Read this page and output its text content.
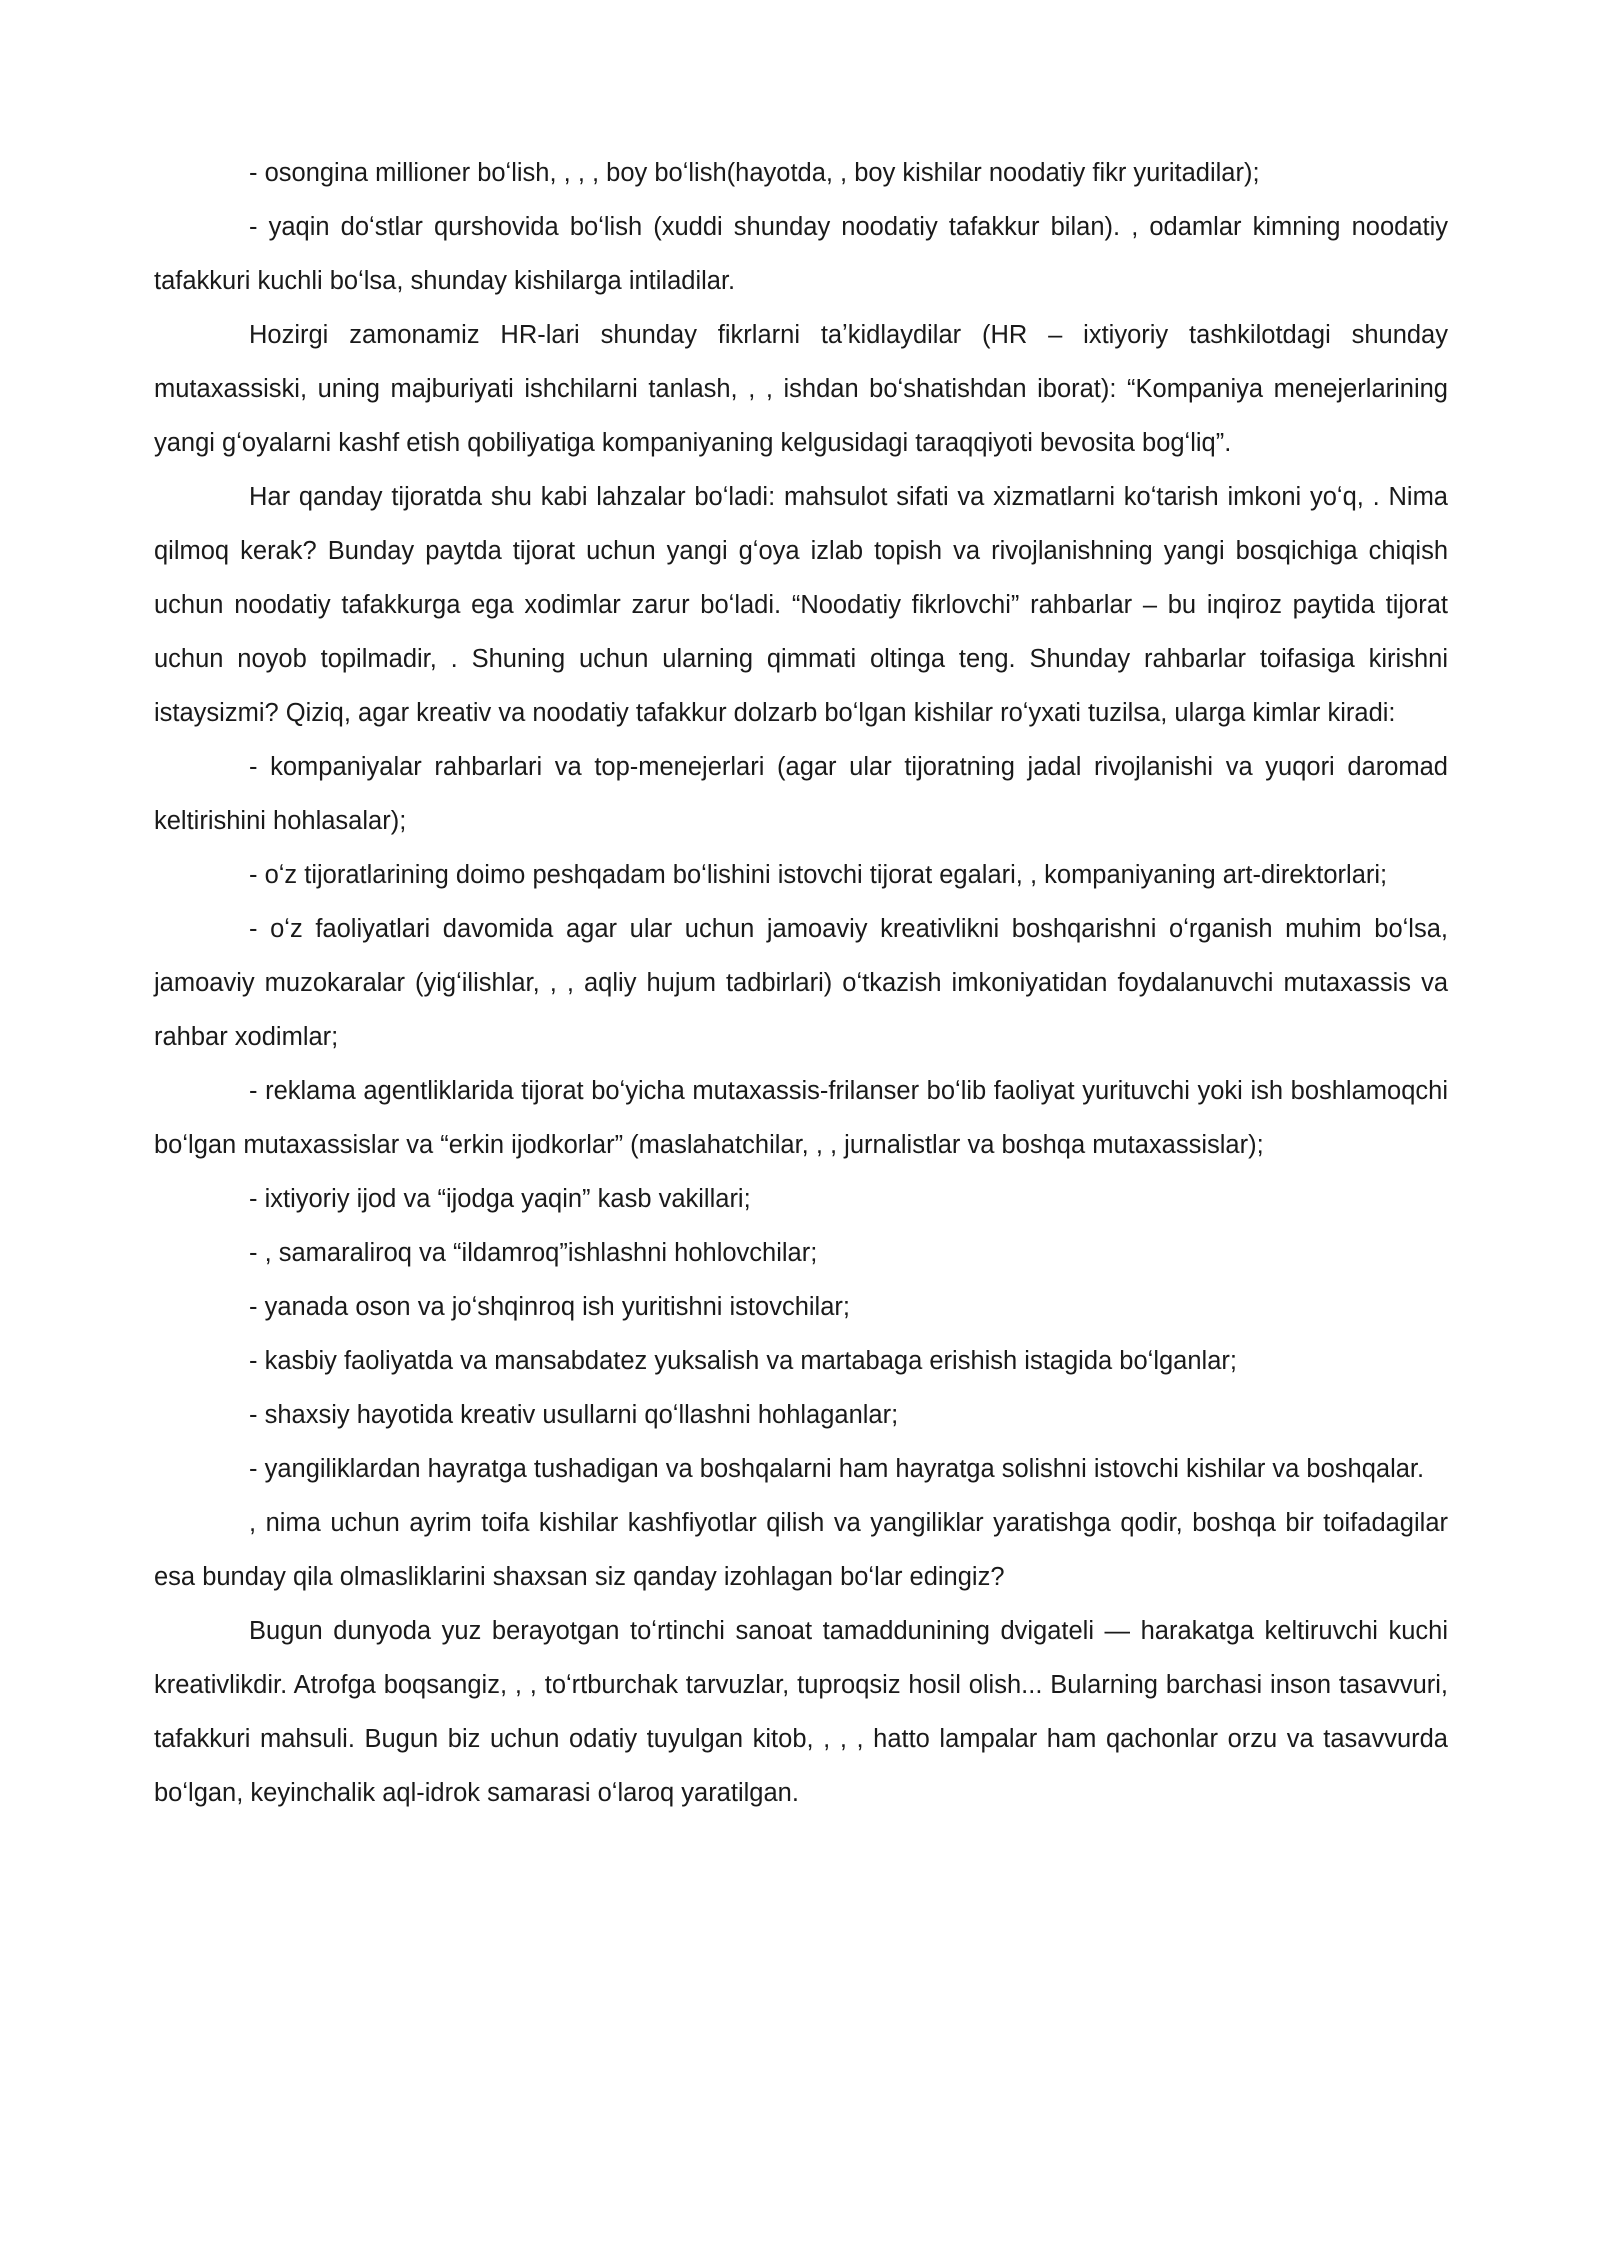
- osongina millioner boʻlish, , , , boy boʻlish(hayotda, , boy kishilar noodatiy fikr yuritadilar);

- yaqin doʻstlar qurshovida boʻlish (xuddi shunday noodatiy tafakkur bilan). , odamlar kimning noodatiy tafakkuri kuchli boʻlsa, shunday kishilarga intiladilar.

Hozirgi zamonamiz HR-lari shunday fikrlarni taʼkidlaydilar (HR – ixtiyoriy tashkilotdagi shunday mutaxassiski, uning majburiyati ishchilarni tanlash, , , ishdan boʻshatishdan iborat): “Kompaniya menejerlarining yangi gʻoyalarni kashf etish qobiliyatiga kompaniyaning kelgusidagi taraqqiyoti bevosita bogʻliq”.

Har qanday tijoratda shu kabi lahzalar boʻladi: mahsulot sifati va xizmatlarni koʻtarish imkoni yoʻq, . Nima qilmoq kerak? Bunday paytda tijorat uchun yangi gʻoya izlab topish va rivojlanishning yangi bosqichiga chiqish uchun noodatiy tafakkurga ega xodimlar zarur boʻladi. “Noodatiy fikrlovchi” rahbarlar – bu inqiroz paytida tijorat uchun noyob topilmadir, . Shuning uchun ularning qimmati oltinga teng. Shunday rahbarlar toifasiga kirishni istaysizmi? Qiziq, agar kreativ va noodatiy tafakkur dolzarb boʻlgan kishilar roʻyxati tuzilsa, ularga kimlar kiradi:

- kompaniyalar rahbarlari va top-menejerlari (agar ular tijoratning jadal rivojlanishi va yuqori daromad keltirishini hohlasalar);

- oʻz tijoratlarining doimo peshqadam boʻlishini istovchi tijorat egalari, , kompaniyaning art-direktorlari;

- oʻz faoliyatlari davomida agar ular uchun jamoaviy kreativlikni boshqarishni oʻrganish muhim boʻlsa, jamoaviy muzokaralar (yigʻilishlar, , , aqliy hujum tadbirlari) oʻtkazish imkoniyatidan foydalanuvchi mutaxassis va rahbar xodimlar;

- reklama agentliklarida tijorat boʻyicha mutaxassis-frilanser boʻlib faoliyat yurituvchi yoki ish boshlamoqchi boʻlgan mutaxassislar va “erkin ijodkorlar” (maslahatchilar, , , jurnalistlar va boshqa mutaxassislar);

- ixtiyoriy ijod va “ijodga yaqin” kasb vakillari;

- , samaraliroq va “ildamroq”ishlashni hohlovchilar;

- yanada oson va joʻshqinroq ish yuritishni istovchilar;

- kasbiy faoliyatda va mansabdatez yuksalish va martabaga erishish istagida boʻlganlar;

- shaxsiy hayotida kreativ usullarni qoʻllashni hohlaganlar;

- yangiliklardan hayratga tushadigan va boshqalarni ham hayratga solishni istovchi kishilar va boshqalar.

, nima uchun ayrim toifa kishilar kashfiyotlar qilish va yangiliklar yaratishga qodir, boshqa bir toifadagilar esa bunday qila olmasliklarini shaxsan siz qanday izohlagan boʻlar edingiz?

Bugun dunyoda yuz berayotgan toʻrtinchi sanoat tamaddunining dvigateli — harakatga keltiruvchi kuchi kreativlikdir. Atrofga boqsangiz, , , toʻrtburchak tarvuzlar, tuproqsiz hosil olish... Bularning barchasi inson tasavvuri, tafakkuri mahsuli. Bugun biz uchun odatiy tuyulgan kitob, , , , hatto lampalar ham qachonlar orzu va tasavvurda boʻlgan, keyinchalik aql-idrok samarasi oʻlaroq yaratilgan.
